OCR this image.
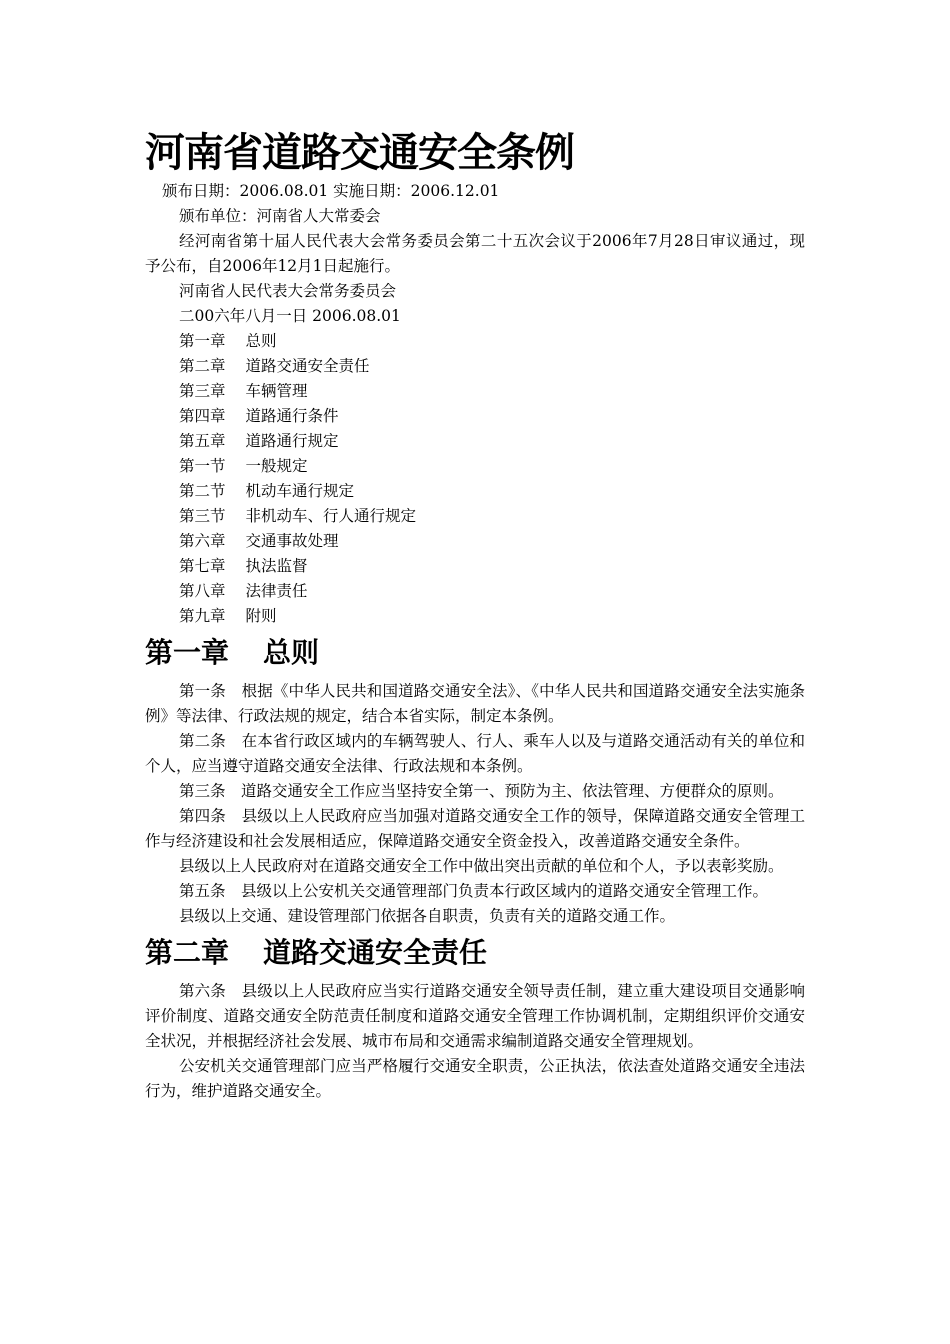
河南省道路交通安全条例

颁布日期：2006.08.01 实施日期：2006.12.01

颁布单位：河南省人大常委会

经河南省第十届人民代表大会常务委员会第二十五次会议于2006年7月28日审议通过，现予公布，自2006年12月1日起施行。

河南省人民代表大会常务委员会

二00六年八月一日 2006.08.01

第一章 总则

第二章 道路交通安全责任

第三章 车辆管理

第四章 道路通行条件

第五章 道路通行规定

第一节 一般规定

第二节 机动车通行规定

第三节 非机动车、行人通行规定

第六章 交通事故处理

第七章 执法监督

第八章 法律责任

第九章 附则

第一章 总则

第一条　根据《中华人民共和国道路交通安全法》、《中华人民共和国道路交通安全法实施条例》等法律、行政法规的规定，结合本省实际，制定本条例。

第二条　在本省行政区域内的车辆驾驶人、行人、乘车人以及与道路交通活动有关的单位和个人，应当遵守道路交通安全法律、行政法规和本条例。

第三条　道路交通安全工作应当坚持安全第一、预防为主、依法管理、方便群众的原则。

第四条　县级以上人民政府应当加强对道路交通安全工作的领导，保障道路交通安全管理工作与经济建设和社会发展相适应，保障道路交通安全资金投入，改善道路交通安全条件。

县级以上人民政府对在道路交通安全工作中做出突出贡献的单位和个人，予以表彰奖励。

第五条　县级以上公安机关交通管理部门负责本行政区域内的道路交通安全管理工作。

县级以上交通、建设管理部门依据各自职责，负责有关的道路交通工作。

第二章 道路交通安全责任

第六条　县级以上人民政府应当实行道路交通安全领导责任制，建立重大建设项目交通影响评价制度、道路交通安全防范责任制度和道路交通安全管理工作协调机制，定期组织评价交通安全状况，并根据经济社会发展、城市布局和交通需求编制道路交通安全管理规划。

公安机关交通管理部门应当严格履行交通安全职责，公正执法，依法查处道路交通安全违法行为，维护道路交通安全。
